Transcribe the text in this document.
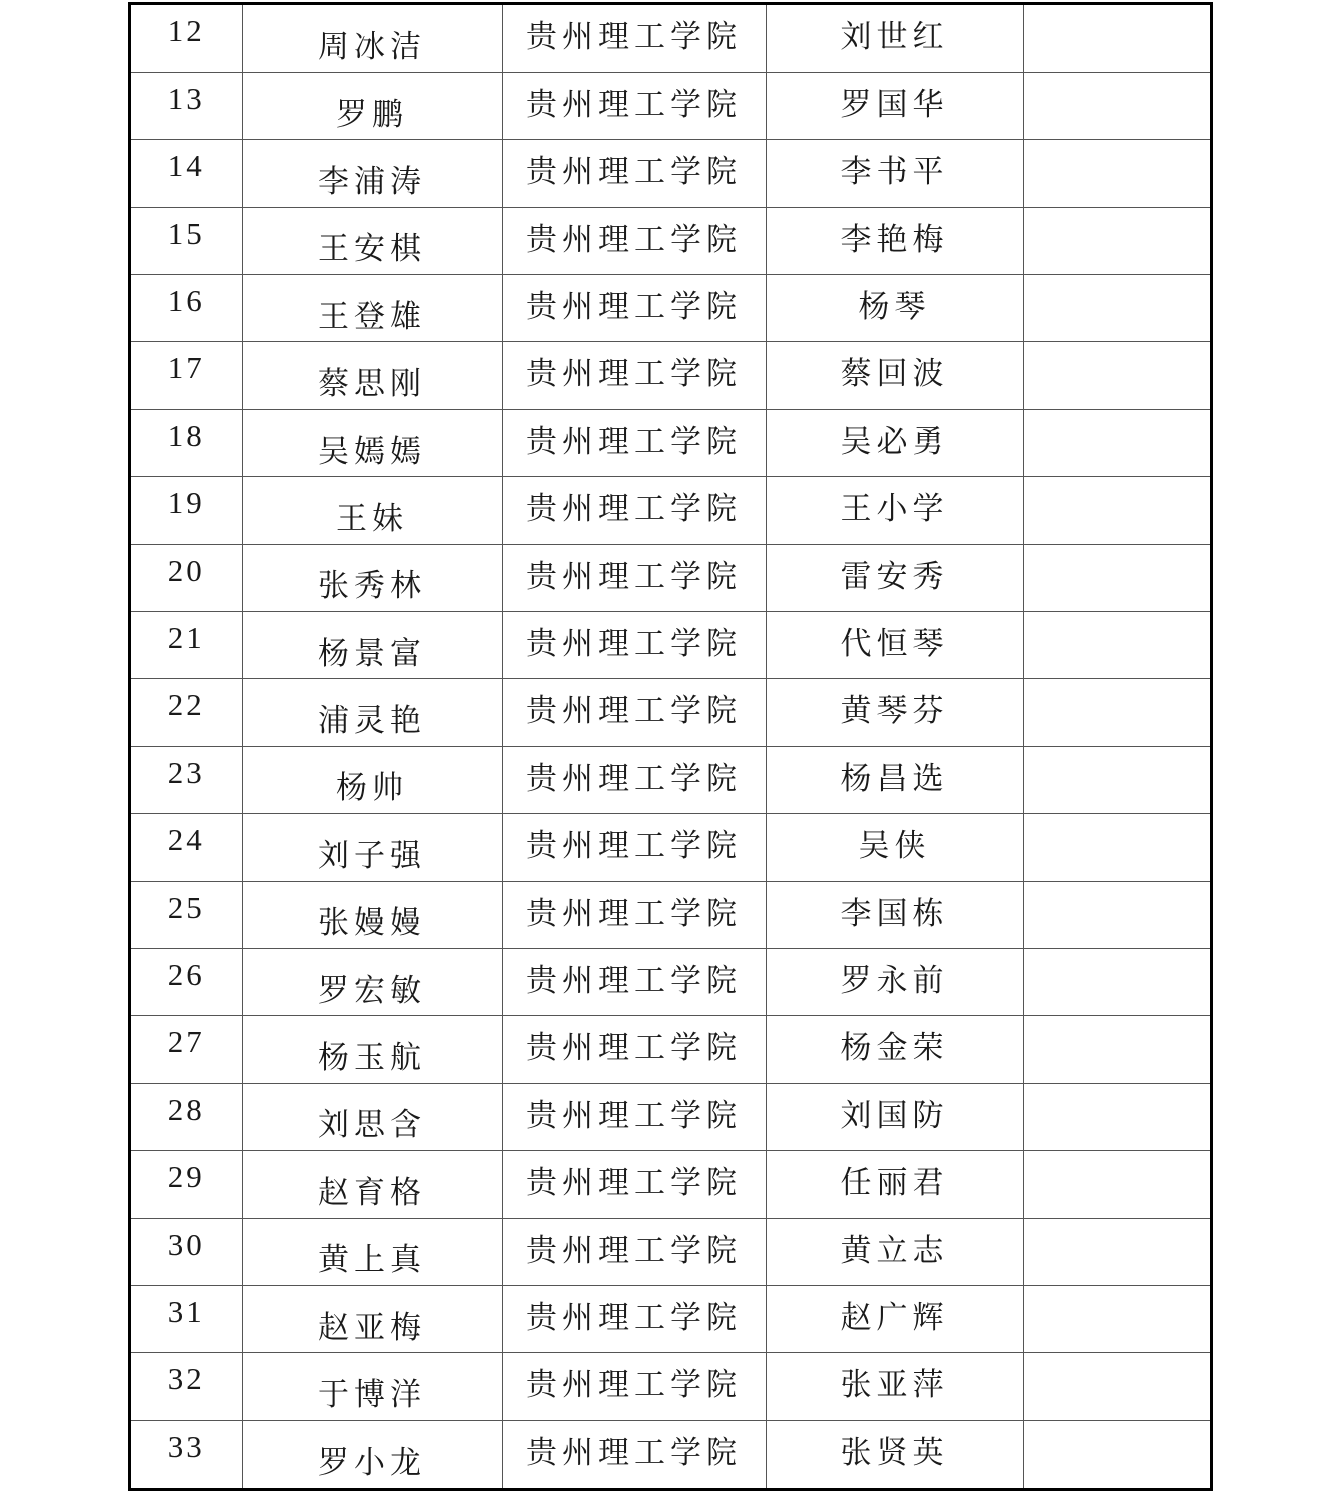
12	周冰洁	贵州理工学院	刘世红	
13	罗鹏	贵州理工学院	罗国华	
14	李浦涛	贵州理工学院	李书平	
15	王安棋	贵州理工学院	李艳梅	
16	王登雄	贵州理工学院	杨琴	
17	蔡思刚	贵州理工学院	蔡回波	
18	吴嫣嫣	贵州理工学院	吴必勇	
19	王妹	贵州理工学院	王小学	
20	张秀林	贵州理工学院	雷安秀	
21	杨景富	贵州理工学院	代恒琴	
22	浦灵艳	贵州理工学院	黄琴芬	
23	杨帅	贵州理工学院	杨昌选	
24	刘子强	贵州理工学院	吴侠	
25	张嫚嫚	贵州理工学院	李国栋	
26	罗宏敏	贵州理工学院	罗永前	
27	杨玉航	贵州理工学院	杨金荣	
28	刘思含	贵州理工学院	刘国防	
29	赵育格	贵州理工学院	任丽君	
30	黄上真	贵州理工学院	黄立志	
31	赵亚梅	贵州理工学院	赵广辉	
32	于博洋	贵州理工学院	张亚萍	
33	罗小龙	贵州理工学院	张贤英	
